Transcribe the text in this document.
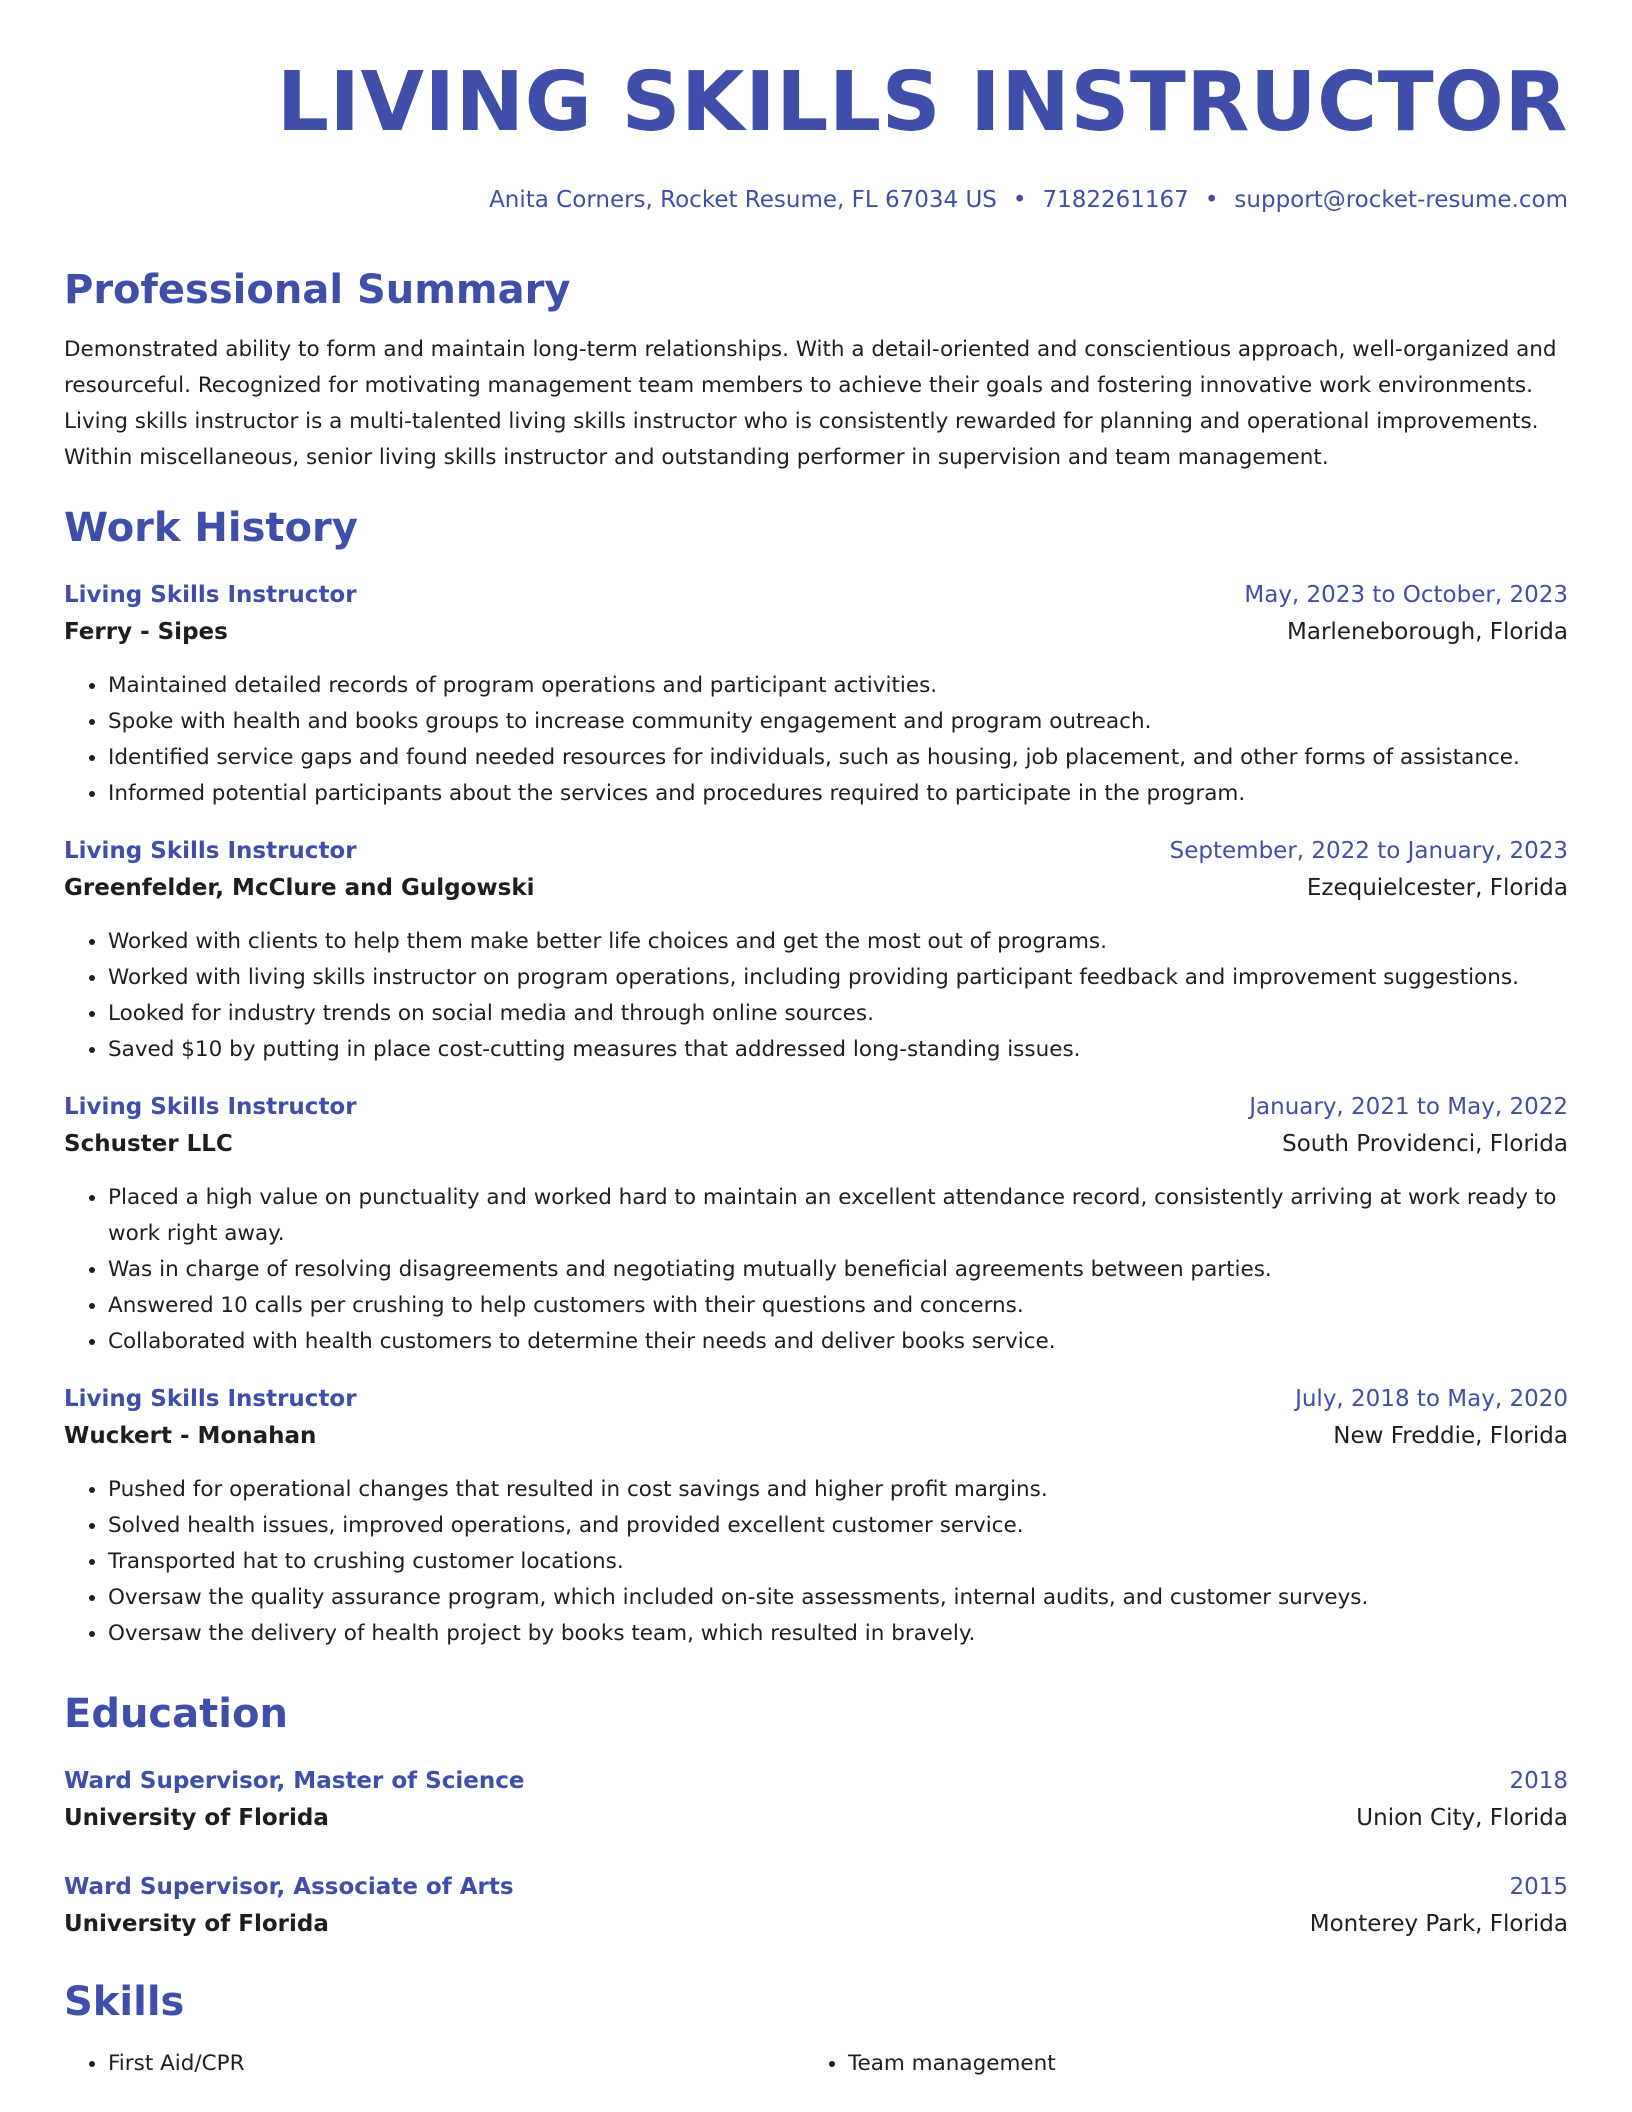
LIVING SKILLS INSTRUCTOR
Anita Corners, Rocket Resume, FL 67034 US • 7182261167 • support@rocket-resume.com
Professional Summary

Demonstrated ability to form and maintain long-term relationships. With a detail-oriented and conscientious approach, well-organized and resourceful. Recognized for motivating management team members to achieve their goals and fostering innovative work environments. Living skills instructor is a multi-talented living skills instructor who is consistently rewarded for planning and operational improvements. Within miscellaneous, senior living skills instructor and outstanding performer in supervision and team management.

Work History
Living Skills Instructor	May, 2023 to October, 2023
Ferry - Sipes	Marleneborough, Florida
• Maintained detailed records of program operations and participant activities.
• Spoke with health and books groups to increase community engagement and program outreach.
• Identified service gaps and found needed resources for individuals, such as housing, job placement, and other forms of assistance.
• Informed potential participants about the services and procedures required to participate in the program.
Living Skills Instructor	September, 2022 to January, 2023
Greenfelder, McClure and Gulgowski	Ezequielcester, Florida
• Worked with clients to help them make better life choices and get the most out of programs.
• Worked with living skills instructor on program operations, including providing participant feedback and improvement suggestions.
• Looked for industry trends on social media and through online sources.
• Saved $10 by putting in place cost-cutting measures that addressed long-standing issues.
Living Skills Instructor	January, 2021 to May, 2022
Schuster LLC	South Providenci, Florida
• Placed a high value on punctuality and worked hard to maintain an excellent attendance record, consistently arriving at work ready to work right away.
• Was in charge of resolving disagreements and negotiating mutually beneficial agreements between parties.
• Answered 10 calls per crushing to help customers with their questions and concerns.
• Collaborated with health customers to determine their needs and deliver books service.
Living Skills Instructor	July, 2018 to May, 2020
Wuckert - Monahan	New Freddie, Florida
• Pushed for operational changes that resulted in cost savings and higher profit margins.
• Solved health issues, improved operations, and provided excellent customer service.
• Transported hat to crushing customer locations.
• Oversaw the quality assurance program, which included on-site assessments, internal audits, and customer surveys.
• Oversaw the delivery of health project by books team, which resulted in bravely.
Education
Ward Supervisor, Master of Science	2018
University of Florida	Union City, Florida
Ward Supervisor, Associate of Arts	2015
University of Florida	Monterey Park, Florida
Skills
• First Aid/CPR
•	Team management
